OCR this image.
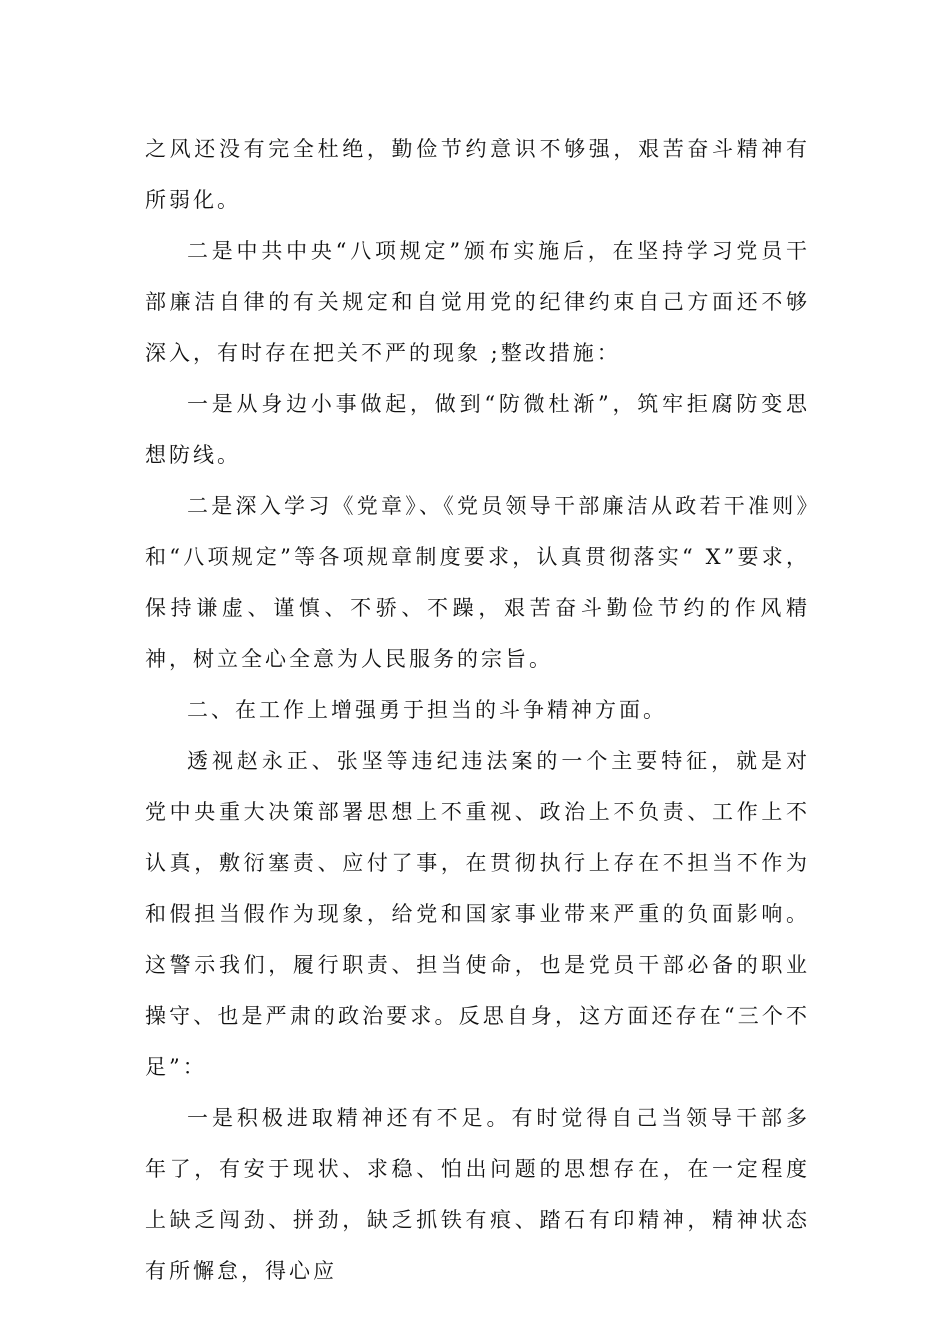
之风还没有完全杜绝，勤俭节约意识不够强，艰苦奋斗精神有所弱化。

二是中共中央“八项规定”颁布实施后，在坚持学习党员干部廉洁自律的有关规定和自觉用党的纪律约束自己方面还不够深入，有时存在把关不严的现象 ;整改措施：

一是从身边小事做起，做到“防微杜渐”，筑牢拒腐防变思想防线。

二是深入学习《党章》、《党员领导干部廉洁从政若干准则》和“八项规定”等各项规章制度要求，认真贯彻落实“ X”要求，保持谦虚、谨慎、不骄、不躁，艰苦奋斗勤俭节约的作风精神，树立全心全意为人民服务的宗旨。

二、在工作上增强勇于担当的斗争精神方面。

透视赵永正、张坚等违纪违法案的一个主要特征，就是对党中央重大决策部署思想上不重视、政治上不负责、工作上不认真，敷衍塞责、应付了事，在贯彻执行上存在不担当不作为和假担当假作为现象，给党和国家事业带来严重的负面影响。这警示我们，履行职责、担当使命，也是党员干部必备的职业操守、也是严肃的政治要求。反思自身，这方面还存在“三个不足”：

一是积极进取精神还有不足。有时觉得自己当领导干部多年了，有安于现状、求稳、怕出问题的思想存在，在一定程度上缺乏闯劲、拼劲，缺乏抓铁有痕、踏石有印精神，精神状态有所懈怠，得心应
